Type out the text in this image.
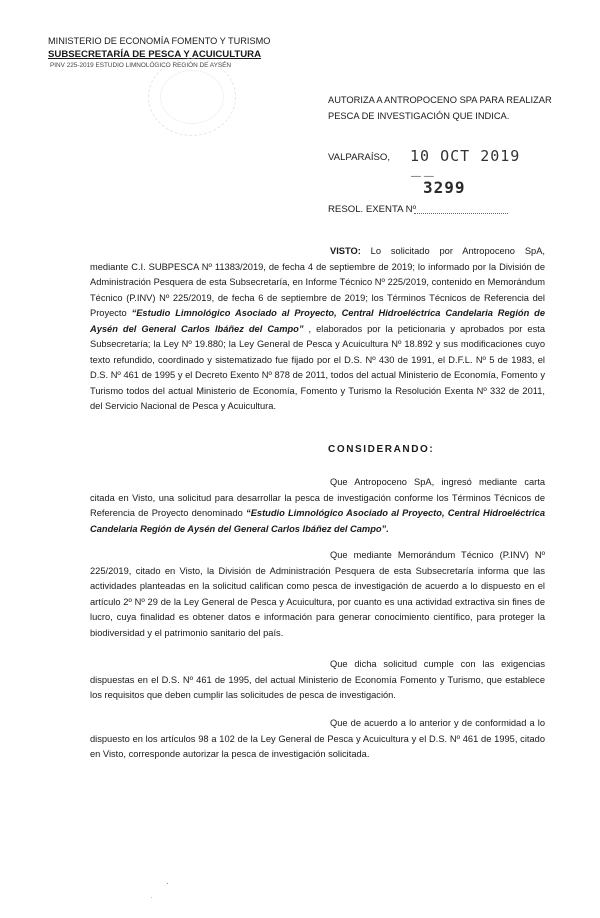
MINISTERIO DE ECONOMÍA FOMENTO Y TURISMO
SUBSECRETARÍA DE PESCA Y ACUICULTURA
PINV 225-2019 ESTUDIO LIMNOLÓGICO REGIÓN DE AYSÉN
AUTORIZA A ANTROPOCENO SPA PARA REALIZAR PESCA DE INVESTIGACIÓN QUE INDICA.
VALPARAÍSO, 10 OCT 2019
— —
3299
RESOL. EXENTA Nº
VISTO: Lo solicitado por Antropoceno SpA, mediante C.I. SUBPESCA Nº 11383/2019, de fecha 4 de septiembre de 2019; lo informado por la División de Administración Pesquera de esta Subsecretaría, en Informe Técnico Nº 225/2019, contenido en Memorándum Técnico (P.INV) Nº 225/2019, de fecha 6 de septiembre de 2019; los Términos Técnicos de Referencia del Proyecto “Estudio Limnológico Asociado al Proyecto, Central Hidroeléctrica Candelaria Región de Aysén del General Carlos Ibáñez del Campo” , elaborados por la peticionaria y aprobados por esta Subsecretaría; la Ley Nº 19.880; la Ley General de Pesca y Acuicultura Nº 18.892 y sus modificaciones cuyo texto refundido, coordinado y sistematizado fue fijado por el D.S. Nº 430 de 1991, el D.F.L. Nº 5 de 1983, el D.S. Nº 461 de 1995 y el Decreto Exento Nº 878 de 2011, todos del actual Ministerio de Economía, Fomento y Turismo todos del actual Ministerio de Economía, Fomento y Turismo la Resolución Exenta Nº 332 de 2011, del Servicio Nacional de Pesca y Acuicultura.
CONSIDERANDO:
Que Antropoceno SpA, ingresó mediante carta citada en Visto, una solicitud para desarrollar la pesca de investigación conforme los Términos Técnicos de Referencia de Proyecto denominado “Estudio Limnológico Asociado al Proyecto, Central Hidroeléctrica Candelaria Región de Aysén del General Carlos Ibáñez del Campo”.
Que mediante Memorándum Técnico (P.INV) Nº 225/2019, citado en Visto, la División de Administración Pesquera de esta Subsecretaría informa que las actividades planteadas en la solicitud califican como pesca de investigación de acuerdo a lo dispuesto en el artículo 2º Nº 29 de la Ley General de Pesca y Acuicultura, por cuanto es una actividad extractiva sin fines de lucro, cuya finalidad es obtener datos e información para generar conocimiento científico, para proteger la biodiversidad y el patrimonio sanitario del país.
Que dicha solicitud cumple con las exigencias dispuestas en el D.S. Nº 461 de 1995, del actual Ministerio de Economía Fomento y Turismo, que establece los requisitos que deben cumplir las solicitudes de pesca de investigación.
Que de acuerdo a lo anterior y de conformidad a lo dispuesto en los artículos 98 a 102 de la Ley General de Pesca y Acuicultura y el D.S. Nº 461 de 1995, citado en Visto, corresponde autorizar la pesca de investigación solicitada.
.
·
